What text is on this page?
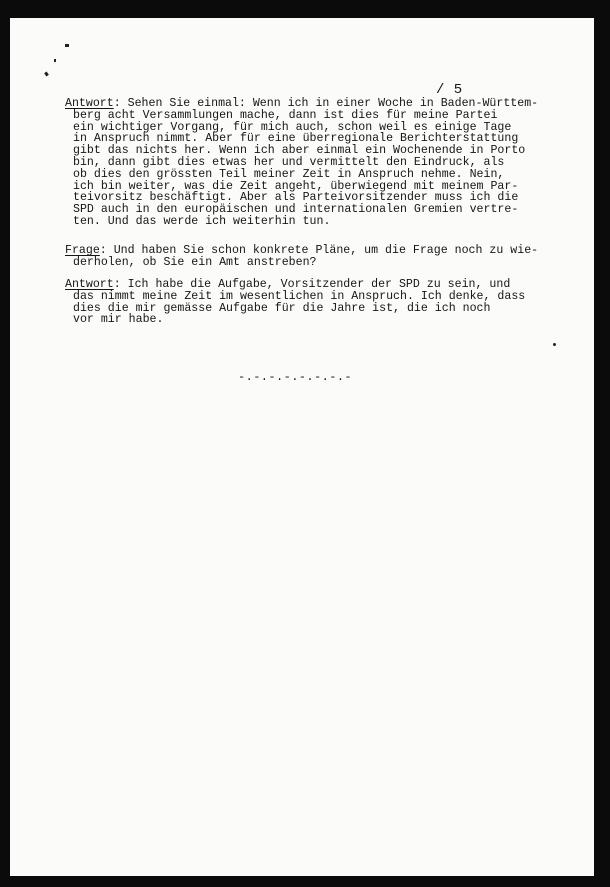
/ 5
Antwort: Sehen Sie einmal: Wenn ich in einer Woche in Baden-Württem-
berg acht Versammlungen mache, dann ist dies für meine Partei
ein wichtiger Vorgang, für mich auch, schon weil es einige Tage
in Anspruch nimmt. Aber für eine überregionale Berichterstattung
gibt das nichts her. Wenn ich aber einmal ein Wochenende in Porto
bin, dann gibt dies etwas her und vermittelt den Eindruck, als
ob dies den grössten Teil meiner Zeit in Anspruch nehme. Nein,
ich bin weiter, was die Zeit angeht, überwiegend mit meinem Par-
teivorsitz beschäftigt. Aber als Parteivorsitzender muss ich die
SPD auch in den europäischen und internationalen Gremien vertre-
ten. Und das werde ich weiterhin tun.
Frage: Und haben Sie schon konkrete Pläne, um die Frage noch zu wie-
derholen, ob Sie ein Amt anstreben?
Antwort: Ich habe die Aufgabe, Vorsitzender der SPD zu sein, und
das nimmt meine Zeit im wesentlichen in Anspruch. Ich denke, dass
dies die mir gemässe Aufgabe für die Jahre ist, die ich noch
vor mir habe.
-.-.-.-.-.-.-.-
